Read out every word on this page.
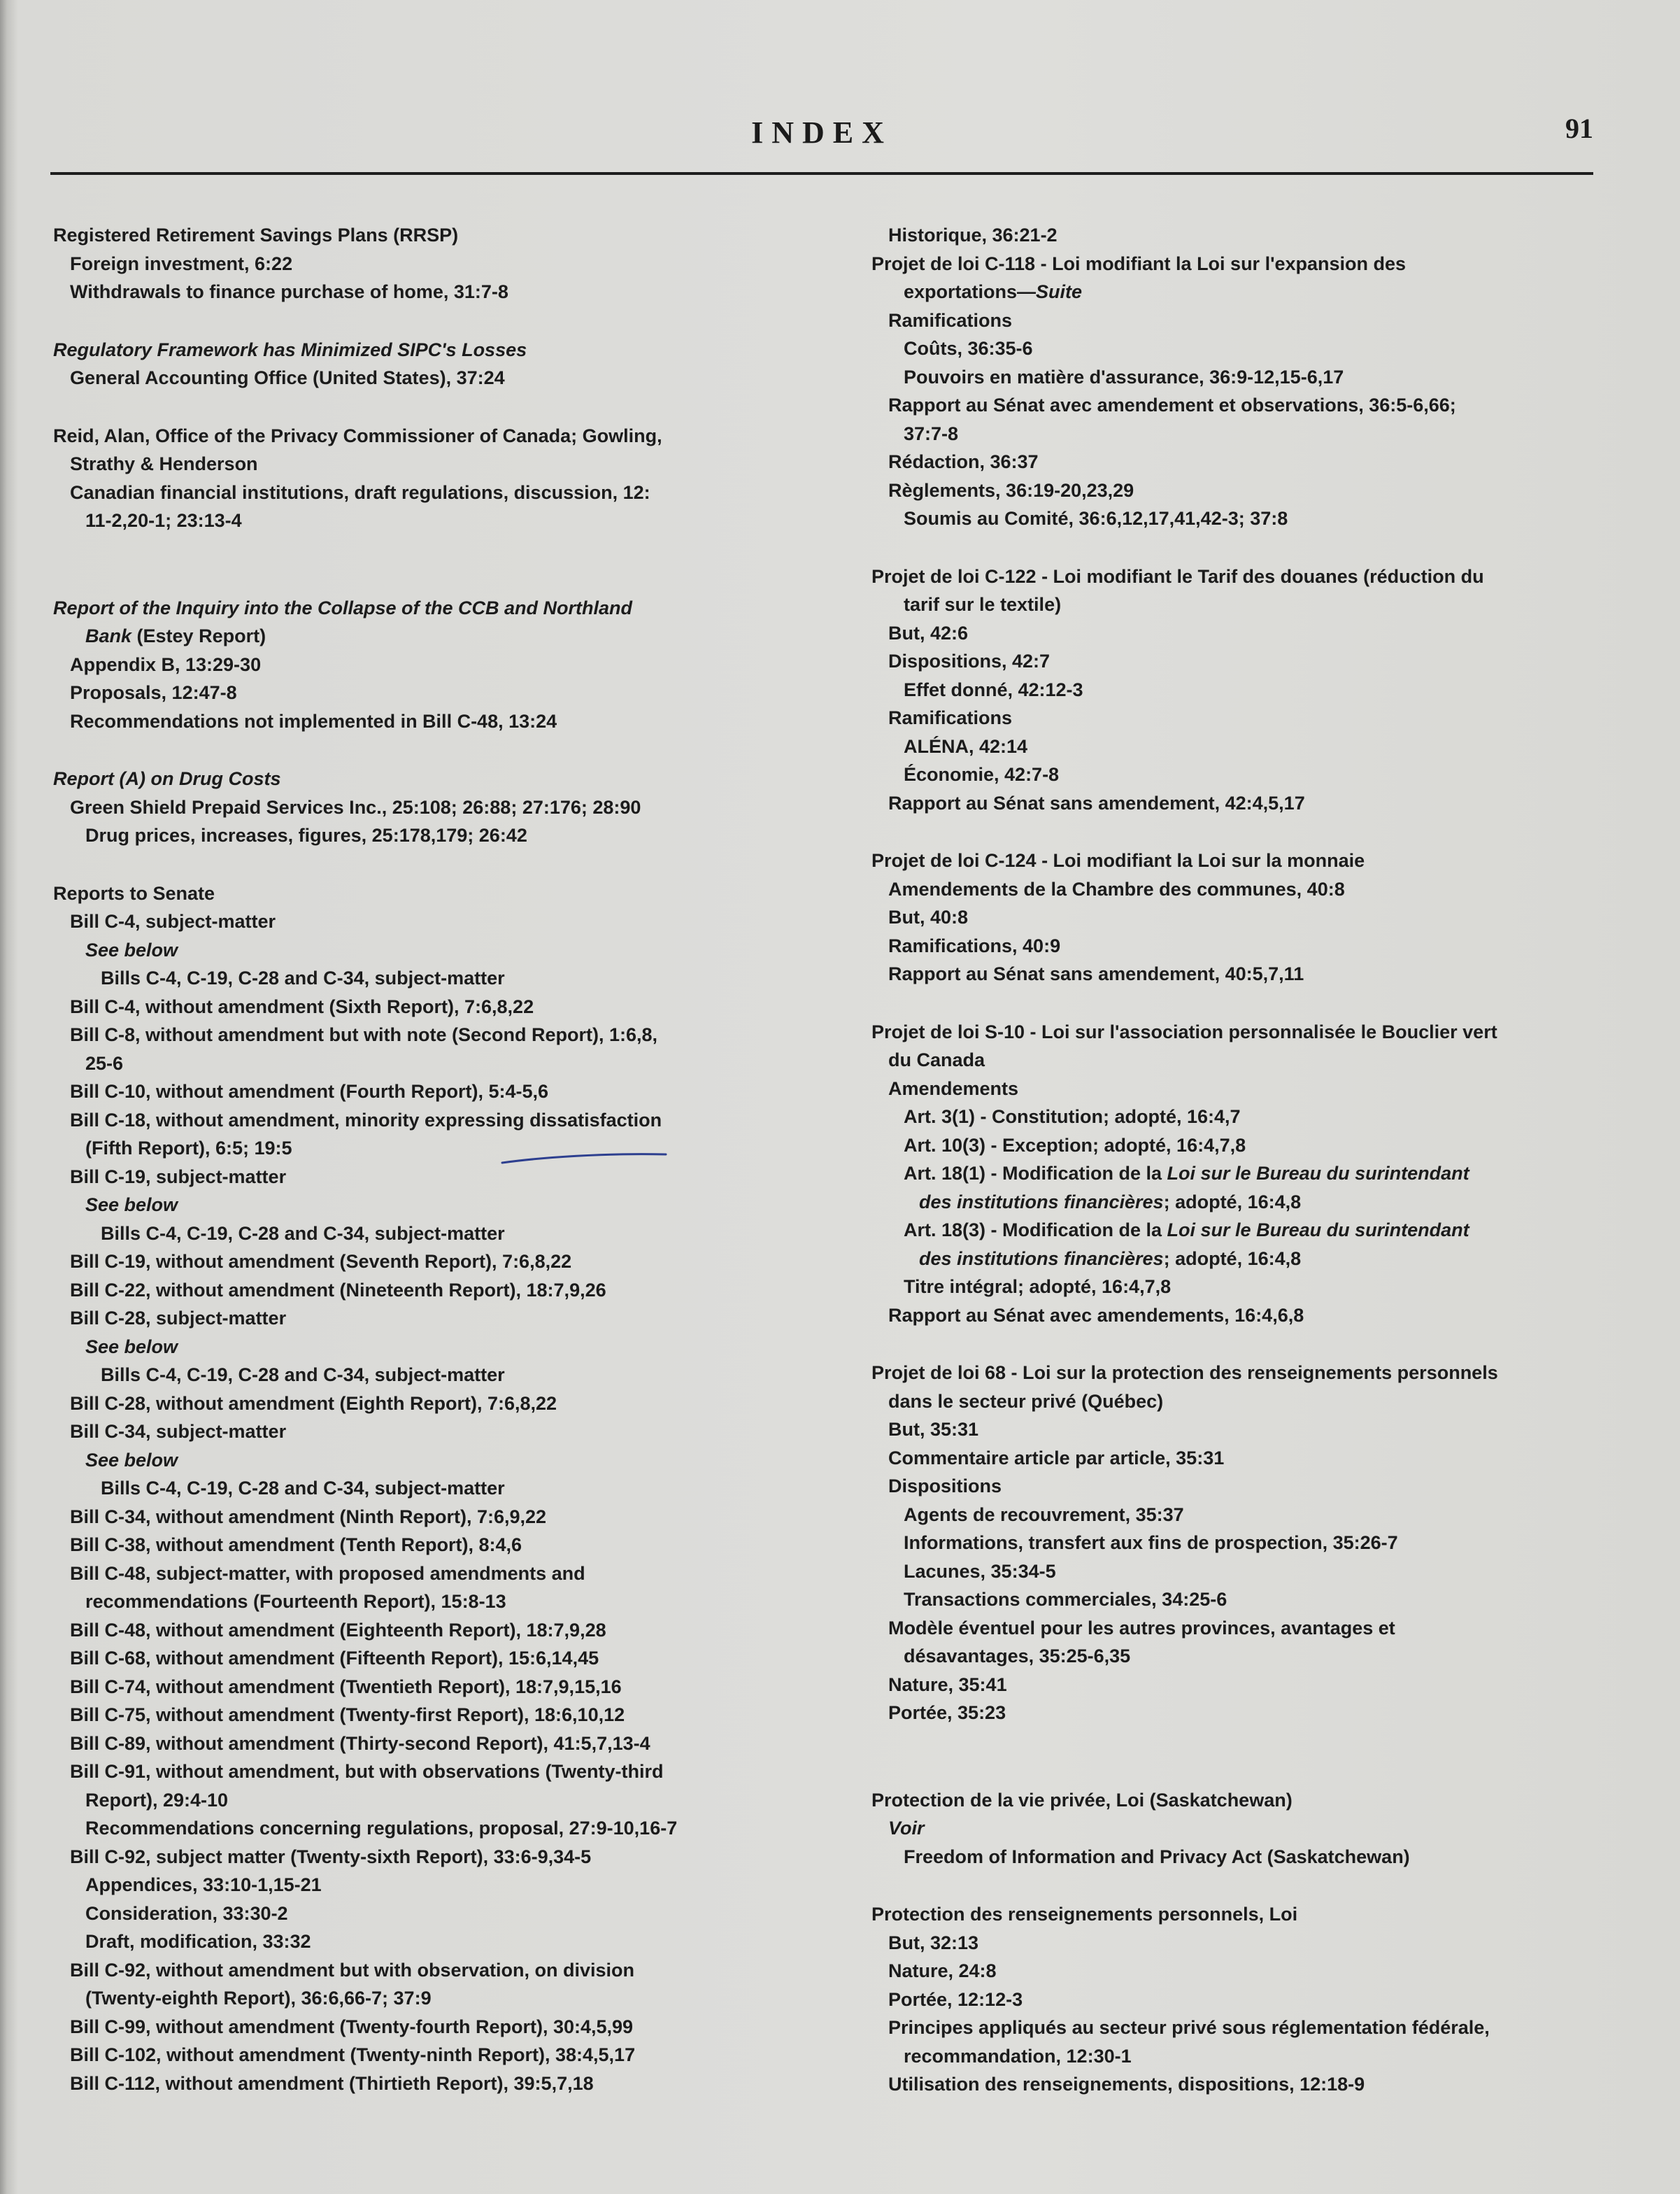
INDEX	91
Registered Retirement Savings Plans (RRSP)
Foreign investment, 6:22
Withdrawals to finance purchase of home, 31:7-8
Regulatory Framework has Minimized SIPC's Losses
General Accounting Office (United States), 37:24
Reid, Alan, Office of the Privacy Commissioner of Canada; Gowling,
Strathy & Henderson
Canadian financial institutions, draft regulations, discussion, 12:
11-2,20-1; 23:13-4
Report of the Inquiry into the Collapse of the CCB and Northland
Bank (Estey Report)
Appendix B, 13:29-30
Proposals, 12:47-8
Recommendations not implemented in Bill C-48, 13:24
Report (A) on Drug Costs
Green Shield Prepaid Services Inc., 25:108; 26:88; 27:176; 28:90
Drug prices, increases, figures, 25:178,179; 26:42
Reports to Senate
Bill C-4, subject-matter
See below
Bills C-4, C-19, C-28 and C-34, subject-matter
Bill C-4, without amendment (Sixth Report), 7:6,8,22
Bill C-8, without amendment but with note (Second Report), 1:6,8,
25-6
Bill C-10, without amendment (Fourth Report), 5:4-5,6
Bill C-18, without amendment, minority expressing dissatisfaction
(Fifth Report), 6:5; 19:5
Bill C-19, subject-matter
See below
Bills C-4, C-19, C-28 and C-34, subject-matter
Bill C-19, without amendment (Seventh Report), 7:6,8,22
Bill C-22, without amendment (Nineteenth Report), 18:7,9,26
Bill C-28, subject-matter
See below
Bills C-4, C-19, C-28 and C-34, subject-matter
Bill C-28, without amendment (Eighth Report), 7:6,8,22
Bill C-34, subject-matter
See below
Bills C-4, C-19, C-28 and C-34, subject-matter
Bill C-34, without amendment (Ninth Report), 7:6,9,22
Bill C-38, without amendment (Tenth Report), 8:4,6
Bill C-48, subject-matter, with proposed amendments and
recommendations (Fourteenth Report), 15:8-13
Bill C-48, without amendment (Eighteenth Report), 18:7,9,28
Bill C-68, without amendment (Fifteenth Report), 15:6,14,45
Bill C-74, without amendment (Twentieth Report), 18:7,9,15,16
Bill C-75, without amendment (Twenty-first Report), 18:6,10,12
Bill C-89, without amendment (Thirty-second Report), 41:5,7,13-4
Bill C-91, without amendment, but with observations (Twenty-third
Report), 29:4-10
Recommendations concerning regulations, proposal, 27:9-10,16-7
Bill C-92, subject matter (Twenty-sixth Report), 33:6-9,34-5
Appendices, 33:10-1,15-21
Consideration, 33:30-2
Draft, modification, 33:32
Bill C-92, without amendment but with observation, on division
(Twenty-eighth Report), 36:6,66-7; 37:9
Bill C-99, without amendment (Twenty-fourth Report), 30:4,5,99
Bill C-102, without amendment (Twenty-ninth Report), 38:4,5,17
Bill C-112, without amendment (Thirtieth Report), 39:5,7,18
Historique, 36:21-2
Projet de loi C-118 - Loi modifiant la Loi sur l'expansion des
exportations—Suite
Ramifications
Coûts, 36:35-6
Pouvoirs en matière d'assurance, 36:9-12,15-6,17
Rapport au Sénat avec amendement et observations, 36:5-6,66;
37:7-8
Rédaction, 36:37
Règlements, 36:19-20,23,29
Soumis au Comité, 36:6,12,17,41,42-3; 37:8
Projet de loi C-122 - Loi modifiant le Tarif des douanes (réduction du
tarif sur le textile)
But, 42:6
Dispositions, 42:7
Effet donné, 42:12-3
Ramifications
ALÉNA, 42:14
Économie, 42:7-8
Rapport au Sénat sans amendement, 42:4,5,17
Projet de loi C-124 - Loi modifiant la Loi sur la monnaie
Amendements de la Chambre des communes, 40:8
But, 40:8
Ramifications, 40:9
Rapport au Sénat sans amendement, 40:5,7,11
Projet de loi S-10 - Loi sur l'association personnalisée le Bouclier vert
du Canada
Amendements
Art. 3(1) - Constitution; adopté, 16:4,7
Art. 10(3) - Exception; adopté, 16:4,7,8
Art. 18(1) - Modification de la Loi sur le Bureau du surintendant
des institutions financières; adopté, 16:4,8
Art. 18(3) - Modification de la Loi sur le Bureau du surintendant
des institutions financières; adopté, 16:4,8
Titre intégral; adopté, 16:4,7,8
Rapport au Sénat avec amendements, 16:4,6,8
Projet de loi 68 - Loi sur la protection des renseignements personnels
dans le secteur privé (Québec)
But, 35:31
Commentaire article par article, 35:31
Dispositions
Agents de recouvrement, 35:37
Informations, transfert aux fins de prospection, 35:26-7
Lacunes, 35:34-5
Transactions commerciales, 34:25-6
Modèle éventuel pour les autres provinces, avantages et
désavantages, 35:25-6,35
Nature, 35:41
Portée, 35:23
Protection de la vie privée, Loi (Saskatchewan)
Voir
Freedom of Information and Privacy Act (Saskatchewan)
Protection des renseignements personnels, Loi
But, 32:13
Nature, 24:8
Portée, 12:12-3
Principes appliqués au secteur privé sous réglementation fédérale,
recommandation, 12:30-1
Utilisation des renseignements, dispositions, 12:18-9
